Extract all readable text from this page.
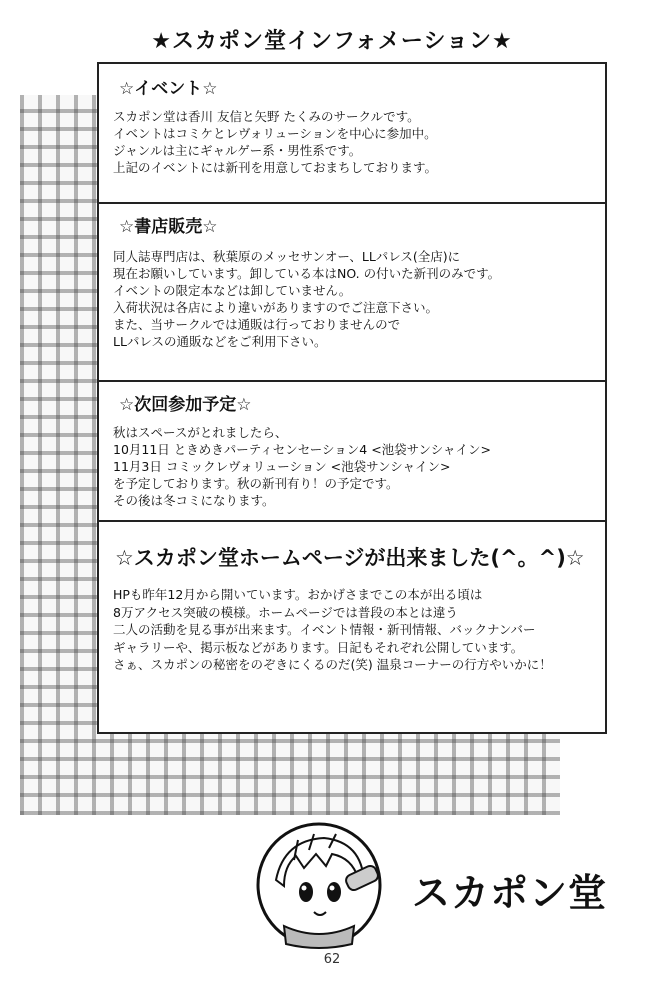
★スカポン堂インフォメーション★
☆イベント☆
スカポン堂は香川 友信と矢野 たくみのサークルです。
イベントはコミケとレヴォリューションを中心に参加中。
ジャンルは主にギャルゲー系・男性系です。
上記のイベントには新刊を用意しておまちしております。
☆書店販売☆
同人誌専門店は、秋葉原のメッセサンオー、LLパレス(全店)に
現在お願いしています。卸している本はNO. の付いた新刊のみです。
イベントの限定本などは卸していません。
入荷状況は各店により違いがありますのでご注意下さい。
また、当サークルでは通販は行っておりませんので
LLパレスの通販などをご利用下さい。
☆次回参加予定☆
秋はスペースがとれましたら、
10月11日 ときめきパーティセンセーション4 <池袋サンシャイン>
11月3日 コミックレヴォリューション <池袋サンシャイン>
を予定しております。秋の新刊有り！の予定です。
その後は冬コミになります。
☆スカポン堂ホームページが出来ました(^。^)☆
HPも昨年12月から開いています。おかげさまでこの本が出る頃は
8万アクセス突破の模様。ホームページでは普段の本とは違う
二人の活動を見る事が出来ます。イベント情報・新刊情報、バックナンバー
ギャラリーや、掲示板などがあります。日記もそれぞれ公開しています。
さぁ、スカポンの秘密をのぞきにくるのだ(笑) 温泉コーナーの行方やいかに！
スカポン堂
62
